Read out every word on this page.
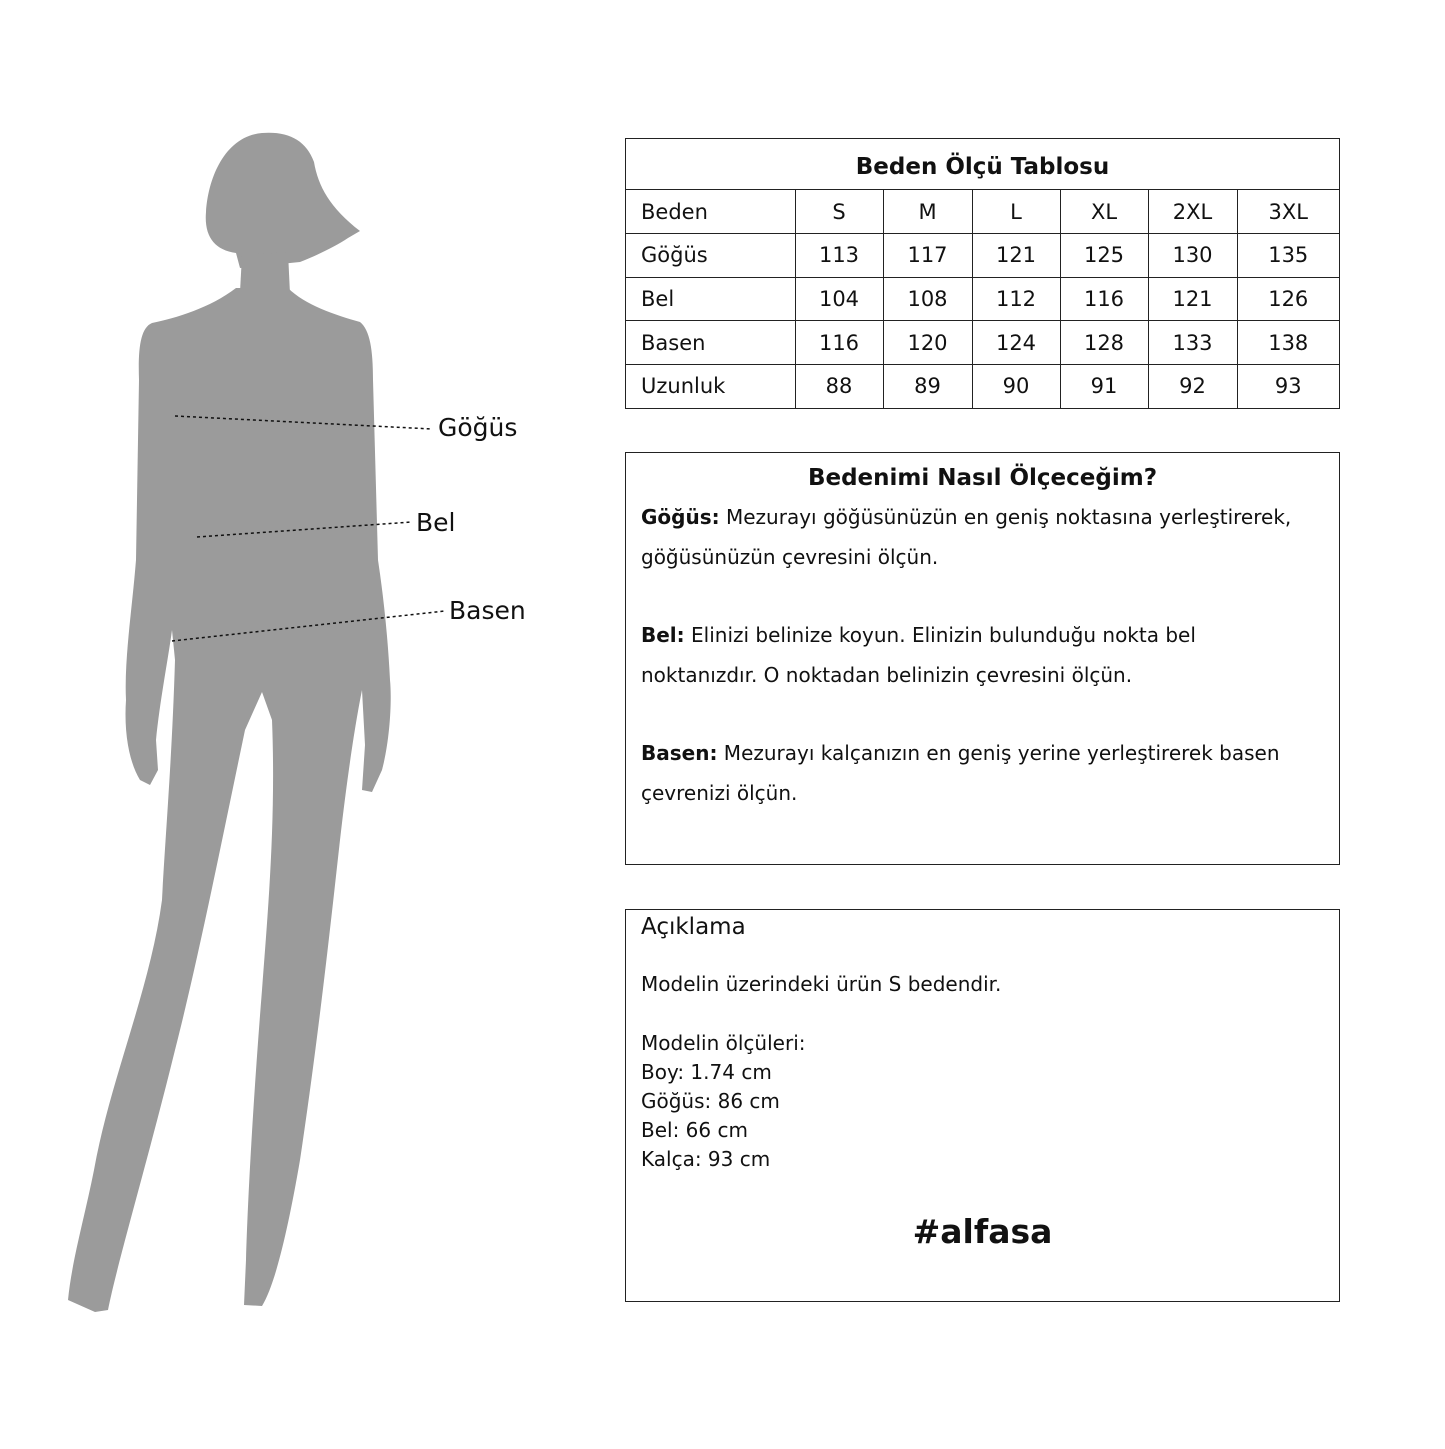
Göğüs
Bel
Basen
Beden Ölçü Tablosu
Beden	S	M	L	XL	2XL	3XL
Göğüs	113	117	121	125	130	135
Bel	104	108	112	116	121	126
Basen	116	120	124	128	133	138
Uzunluk	88	89	90	91	92	93
Bedenimi Nasıl Ölçeceğim?
Göğüs: Mezurayı göğüsünüzün en geniş noktasına yerleştirerek,
göğüsünüzün çevresini ölçün.
Bel: Elinizi belinize koyun. Elinizin bulunduğu nokta bel
noktanızdır. O noktadan belinizin çevresini ölçün.
Basen: Mezurayı kalçanızın en geniş yerine yerleştirerek basen
çevrenizi ölçün.
Açıklama
Modelin üzerindeki ürün S bedendir.
Modelin ölçüleri:
Boy: 1.74 cm
Göğüs: 86 cm
Bel: 66 cm
Kalça: 93 cm
#alfasa
